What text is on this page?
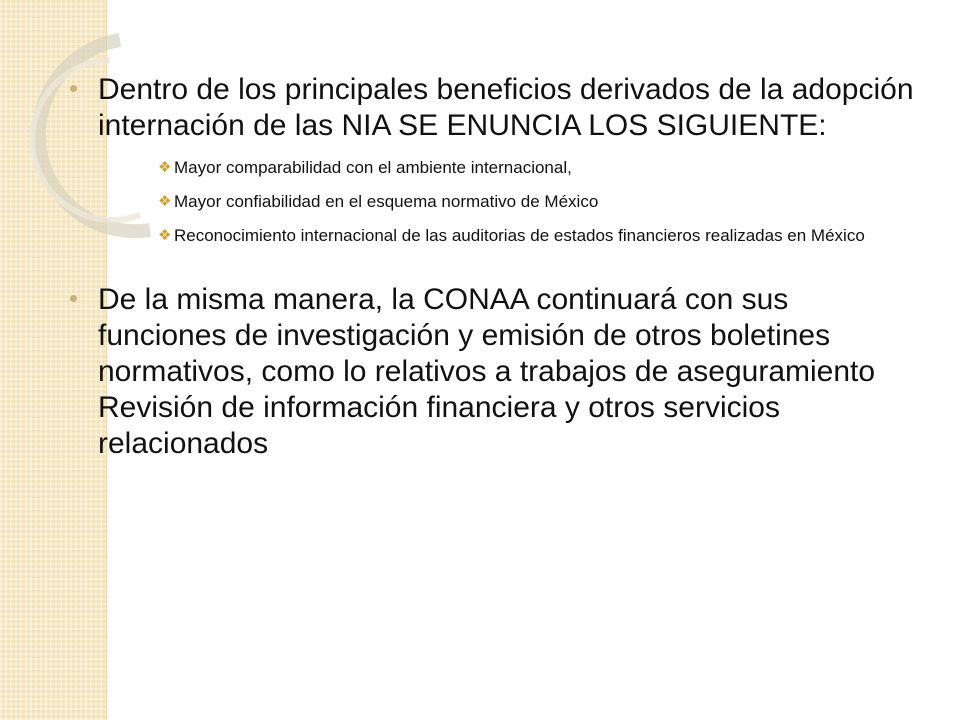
Dentro de los principales beneficios derivados de la adopción internación de las NIA SE ENUNCIA LOS SIGUIENTE:
❖ Mayor comparabilidad con el ambiente internacional,
❖ Mayor confiabilidad en el esquema normativo de México
❖ Reconocimiento internacional de las auditorias de estados financieros realizadas en México
De la misma manera, la CONAA continuará con sus funciones de investigación y emisión de otros boletines normativos, como lo relativos a trabajos de aseguramiento Revisión de información financiera y otros servicios relacionados
